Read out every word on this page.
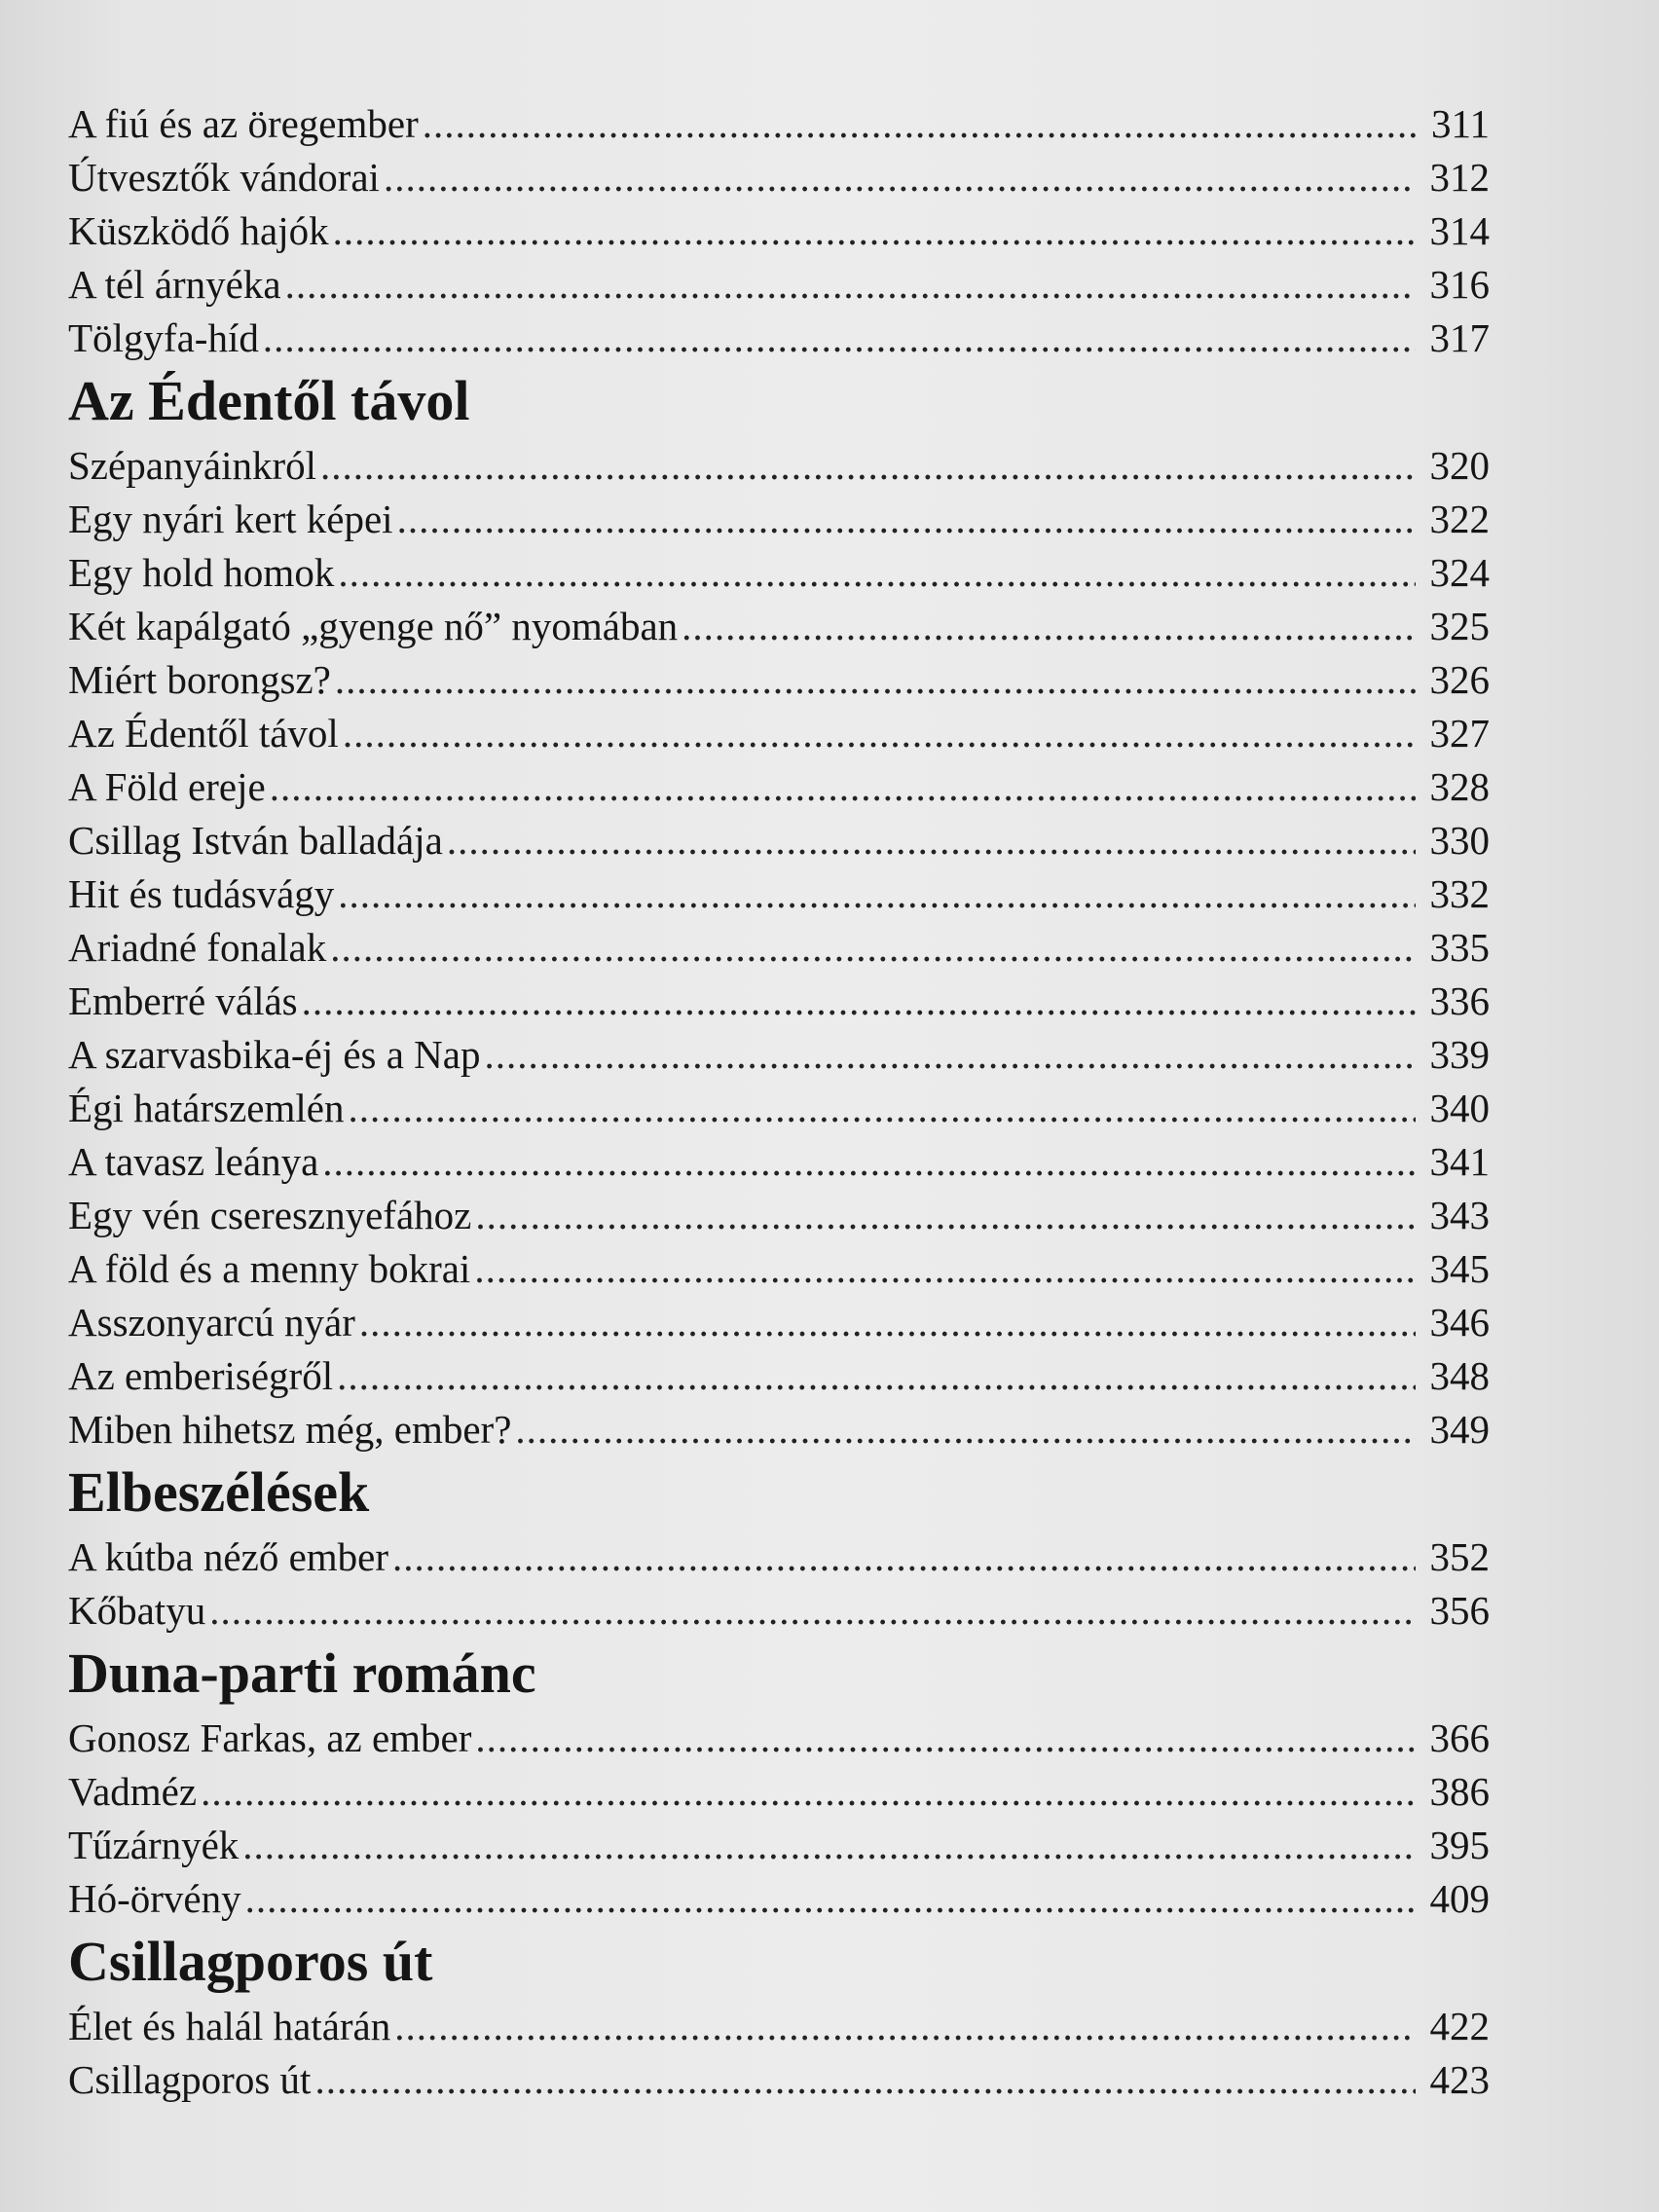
A fiú és az öregember .....	311
Útvesztők vándorai .....	312
Küszködő hajók .....	314
A tél árnyéka .....	316
Tölgyfa-híd .....	317
Az Édentől távol
Szépanyáinkról .....	320
Egy nyári kert képei .....	322
Egy hold homok .....	324
Két kapálgató „gyenge nő” nyomában .....	325
Miért borongsz? .....	326
Az Édentől távol .....	327
A Föld ereje .....	328
Csillag István balladája .....	330
Hit és tudásvágy .....	332
Ariadné fonalak .....	335
Emberré válás .....	336
A szarvasbika-éj és a Nap .....	339
Égi határszemlén .....	340
A tavasz leánya .....	341
Egy vén cseresznyefához .....	343
A föld és a menny bokrai .....	345
Asszonyarcú nyár .....	346
Az emberiségről .....	348
Miben hihetsz még, ember? .....	349
Elbeszélések
A kútba néző ember .....	352
Kőbatyu .....	356
Duna-parti románc
Gonosz Farkas, az ember .....	366
Vadméz .....	386
Tűzárnyék .....	395
Hó-örvény .....	409
Csillagporos út
Élet és halál határán .....	422
Csillagporos út .....	423
